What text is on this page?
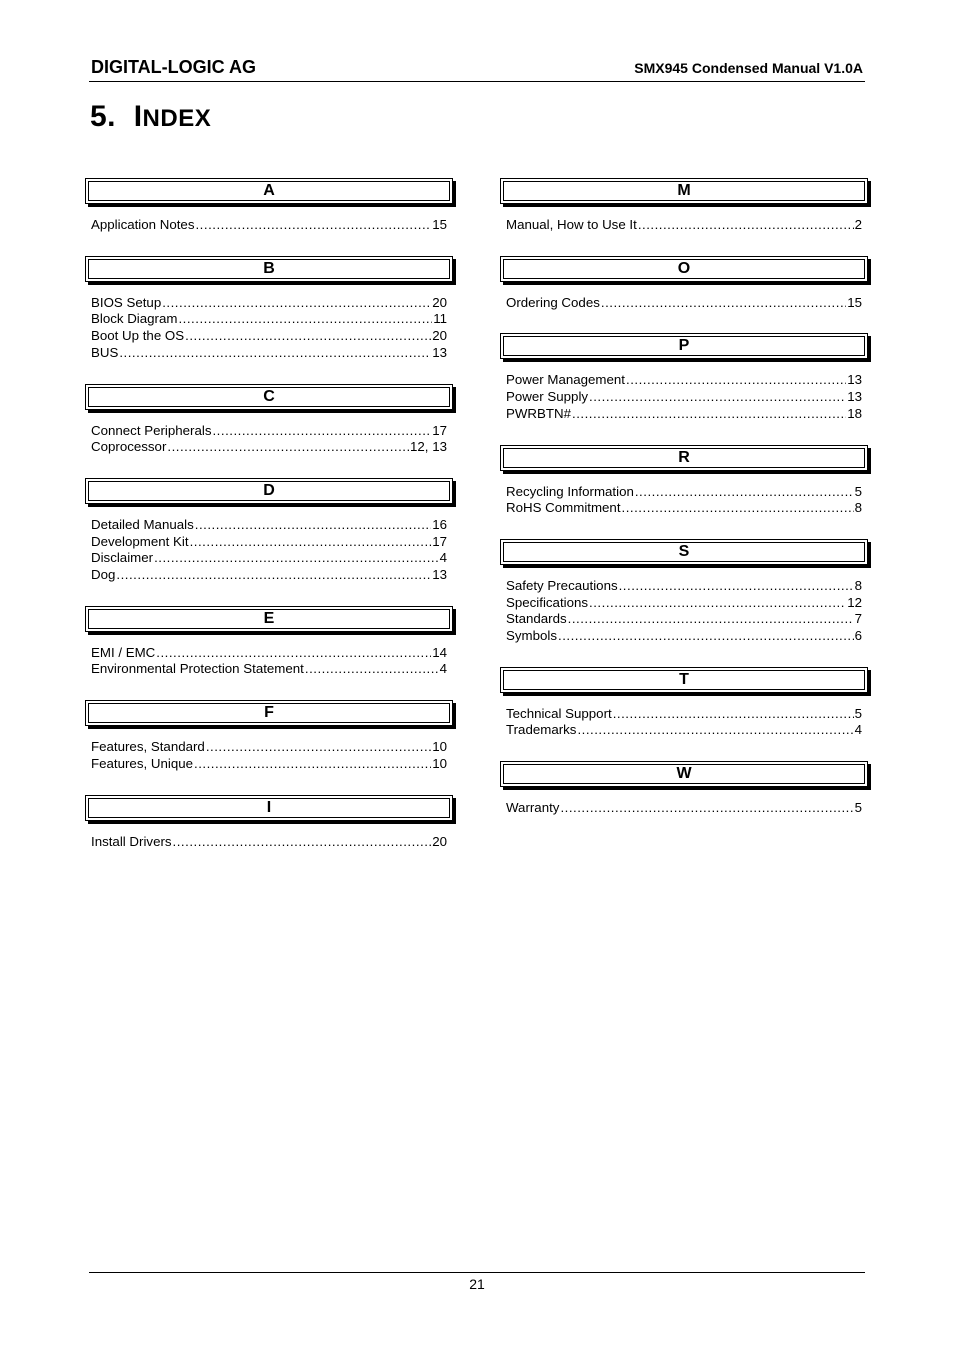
DIGITAL-LOGIC AG	SMX945 Condensed Manual V1.0A
5. INDEX
A
Application Notes .....	15
B
BIOS Setup .....	20
Block Diagram .....	11
Boot Up the OS .....	20
BUS .....	13
C
Connect Peripherals .....	17
Coprocessor .....	12, 13
D
Detailed Manuals .....	16
Development Kit .....	17
Disclaimer .....	4
Dog .....	13
E
EMI / EMC .....	14
Environmental Protection Statement .....	4
F
Features, Standard .....	10
Features, Unique .....	10
I
Install Drivers .....	20
M
Manual, How to Use It .....	2
O
Ordering Codes .....	15
P
Power Management .....	13
Power Supply .....	13
PWRBTN# .....	18
R
Recycling Information .....	5
RoHS Commitment .....	8
S
Safety Precautions .....	8
Specifications .....	12
Standards .....	7
Symbols .....	6
T
Technical Support .....	5
Trademarks .....	4
W
Warranty .....	5
21
